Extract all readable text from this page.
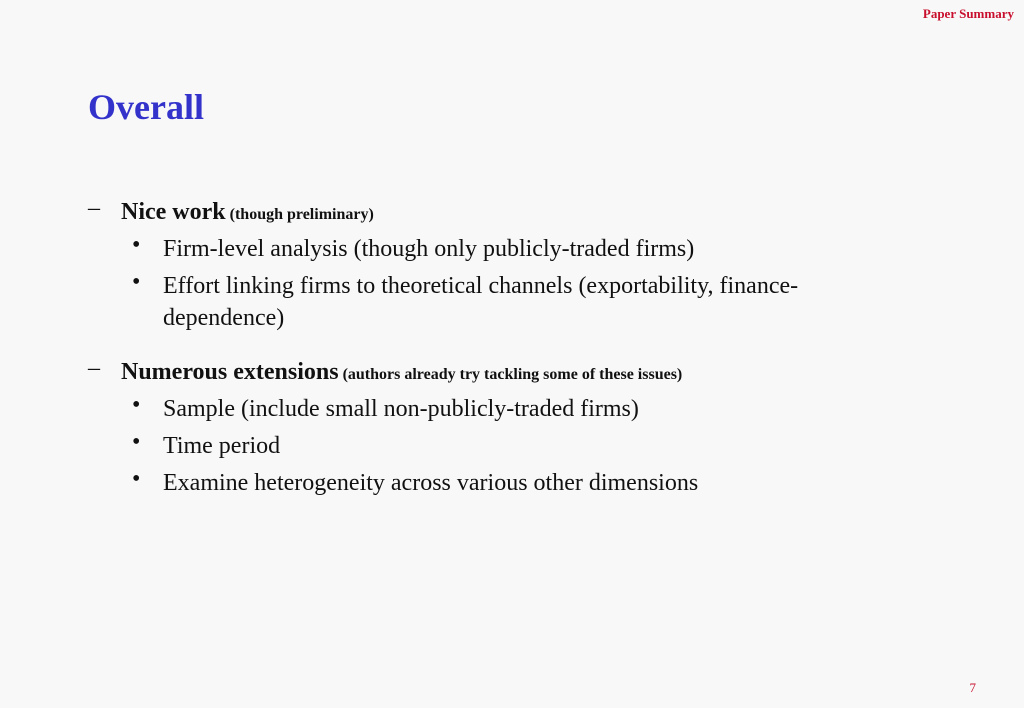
Paper Summary
Overall
– Nice work (though preliminary)
• Firm-level analysis (though only publicly-traded firms)
• Effort linking firms to theoretical channels (exportability, finance-dependence)
– Numerous extensions (authors already try tackling some of these issues)
• Sample (include small non-publicly-traded firms)
• Time period
• Examine heterogeneity across various other dimensions
7
